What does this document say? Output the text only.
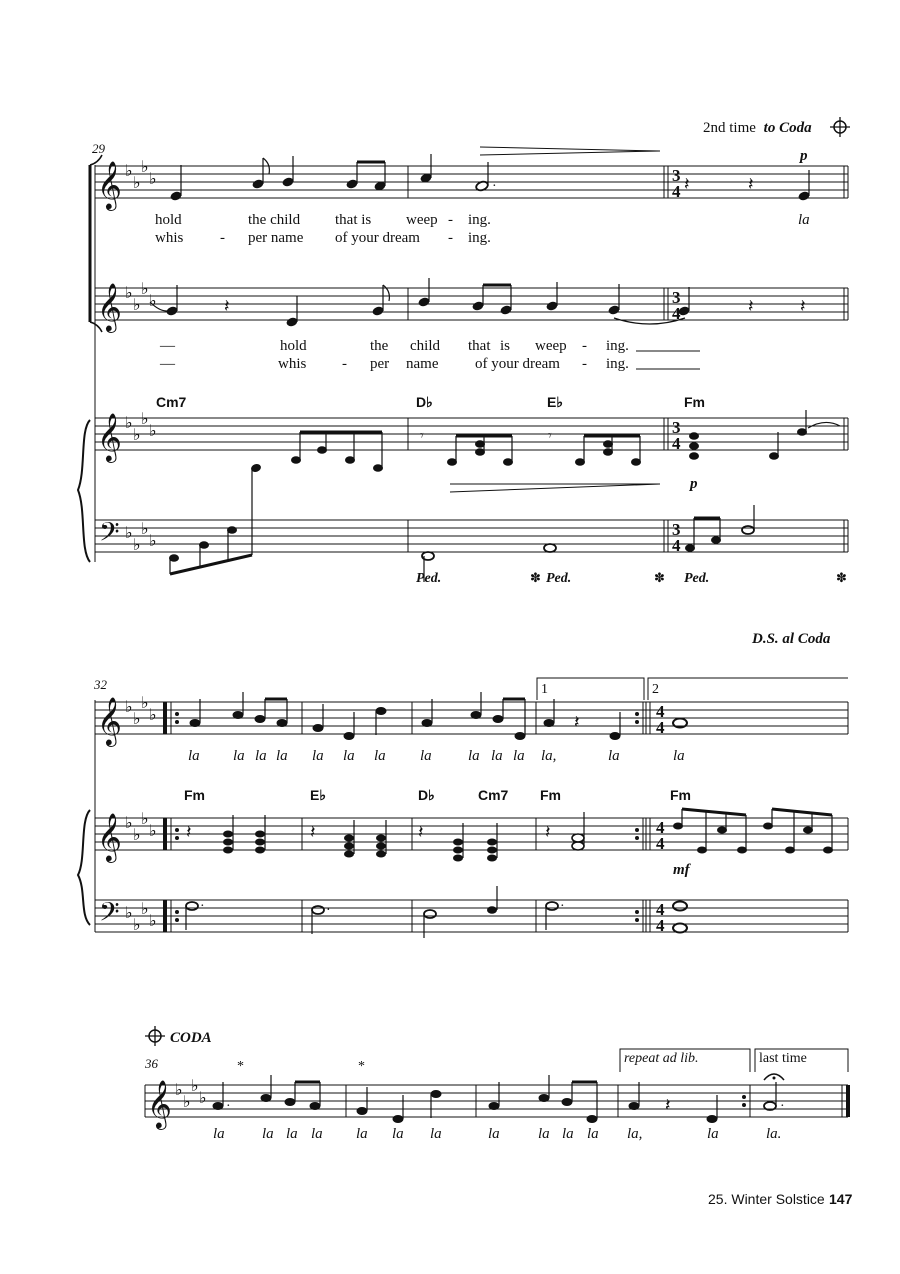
2nd time to Coda
29	p
·
·	𝄽	𝄽
hold	the child that is weep - ing.	la
whis - per name of your dream - ing.
𝄽	𝄽	𝄽
—	hold	the child that is weep - ing.
—	whis - per name of your dream - ing.
Cm7	D♭	E♭	Fm
𝄾	𝄾
p
Ped.	✽ Ped.	✽ Ped.	✽
D.S. al Coda
32	1	2
𝄽
la la la la la la la la la la la la,	la	la
Fm	E♭	D♭	Cm7 Fm	Fm
𝄽	𝄽	𝄽	𝄽
mf
·	·	·
CODA
36	repeat ad lib.	last time
*	*
·	𝄽	·
la la la la la la la	la	la la la la,	la	la.
𝄞 ♭
♭
♭
♭	3
4
𝄞 ♭
♭
♭
♭	3
4
𝄞 ♭
♭
♭
♭	3
4
𝄢 ♭
♭
♭
♭
3
4
𝄞 ♭
♭
♭
♭	4
4
𝄞 ♭
♭
♭
♭	4
4
𝄢 ♭
♭
♭
♭
4
4
𝄞 ♭
♭
♭
♭
25. Winter Solstice 147
